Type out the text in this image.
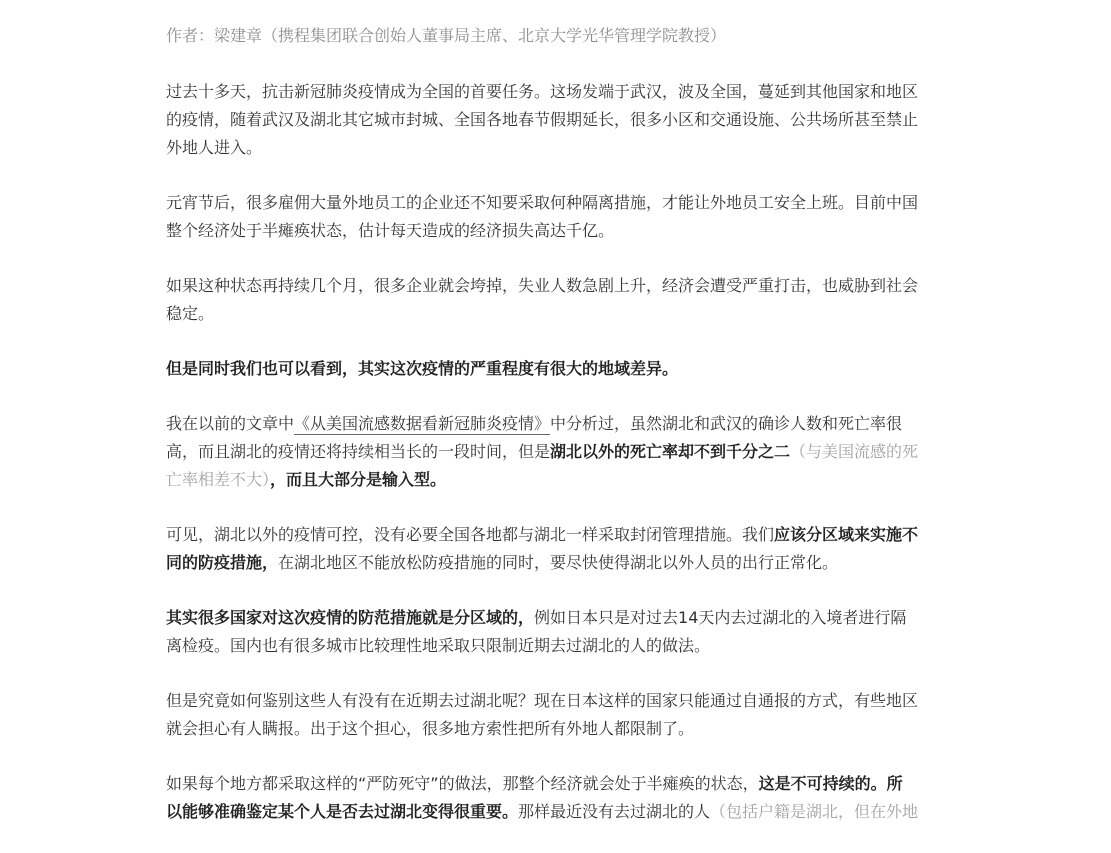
作者：梁建章（携程集团联合创始人董事局主席、北京大学光华管理学院教授）
过去十多天，抗击新冠肺炎疫情成为全国的首要任务。这场发端于武汉，波及全国，蔓延到其他国家和地区
的疫情，随着武汉及湖北其它城市封城、全国各地春节假期延长，很多小区和交通设施、公共场所甚至禁止
外地人进入。
元宵节后，很多雇佣大量外地员工的企业还不知要采取何种隔离措施，才能让外地员工安全上班。目前中国
整个经济处于半瘫痪状态，估计每天造成的经济损失高达千亿。
如果这种状态再持续几个月，很多企业就会垮掉，失业人数急剧上升，经济会遭受严重打击，也威胁到社会
稳定。
但是同时我们也可以看到，其实这次疫情的严重程度有很大的地域差异。
我在以前的文章中《从美国流感数据看新冠肺炎疫情》中分析过，虽然湖北和武汉的确诊人数和死亡率很
高，而且湖北的疫情还将持续相当长的一段时间，但是湖北以外的死亡率却不到千分之二（与美国流感的死
亡率相差不大），而且大部分是输入型。
可见，湖北以外的疫情可控，没有必要全国各地都与湖北一样采取封闭管理措施。我们应该分区域来实施不
同的防疫措施，在湖北地区不能放松防疫措施的同时，要尽快使得湖北以外人员的出行正常化。
其实很多国家对这次疫情的防范措施就是分区域的，例如日本只是对过去14天内去过湖北的入境者进行隔
离检疫。国内也有很多城市比较理性地采取只限制近期去过湖北的人的做法。
但是究竟如何鉴别这些人有没有在近期去过湖北呢？现在日本这样的国家只能通过自通报的方式，有些地区
就会担心有人瞒报。出于这个担心，很多地方索性把所有外地人都限制了。
如果每个地方都采取这样的“严防死守”的做法，那整个经济就会处于半瘫痪的状态，这是不可持续的。所
以能够准确鉴定某个人是否去过湖北变得很重要。那样最近没有去过湖北的人（包括户籍是湖北，但在外地
